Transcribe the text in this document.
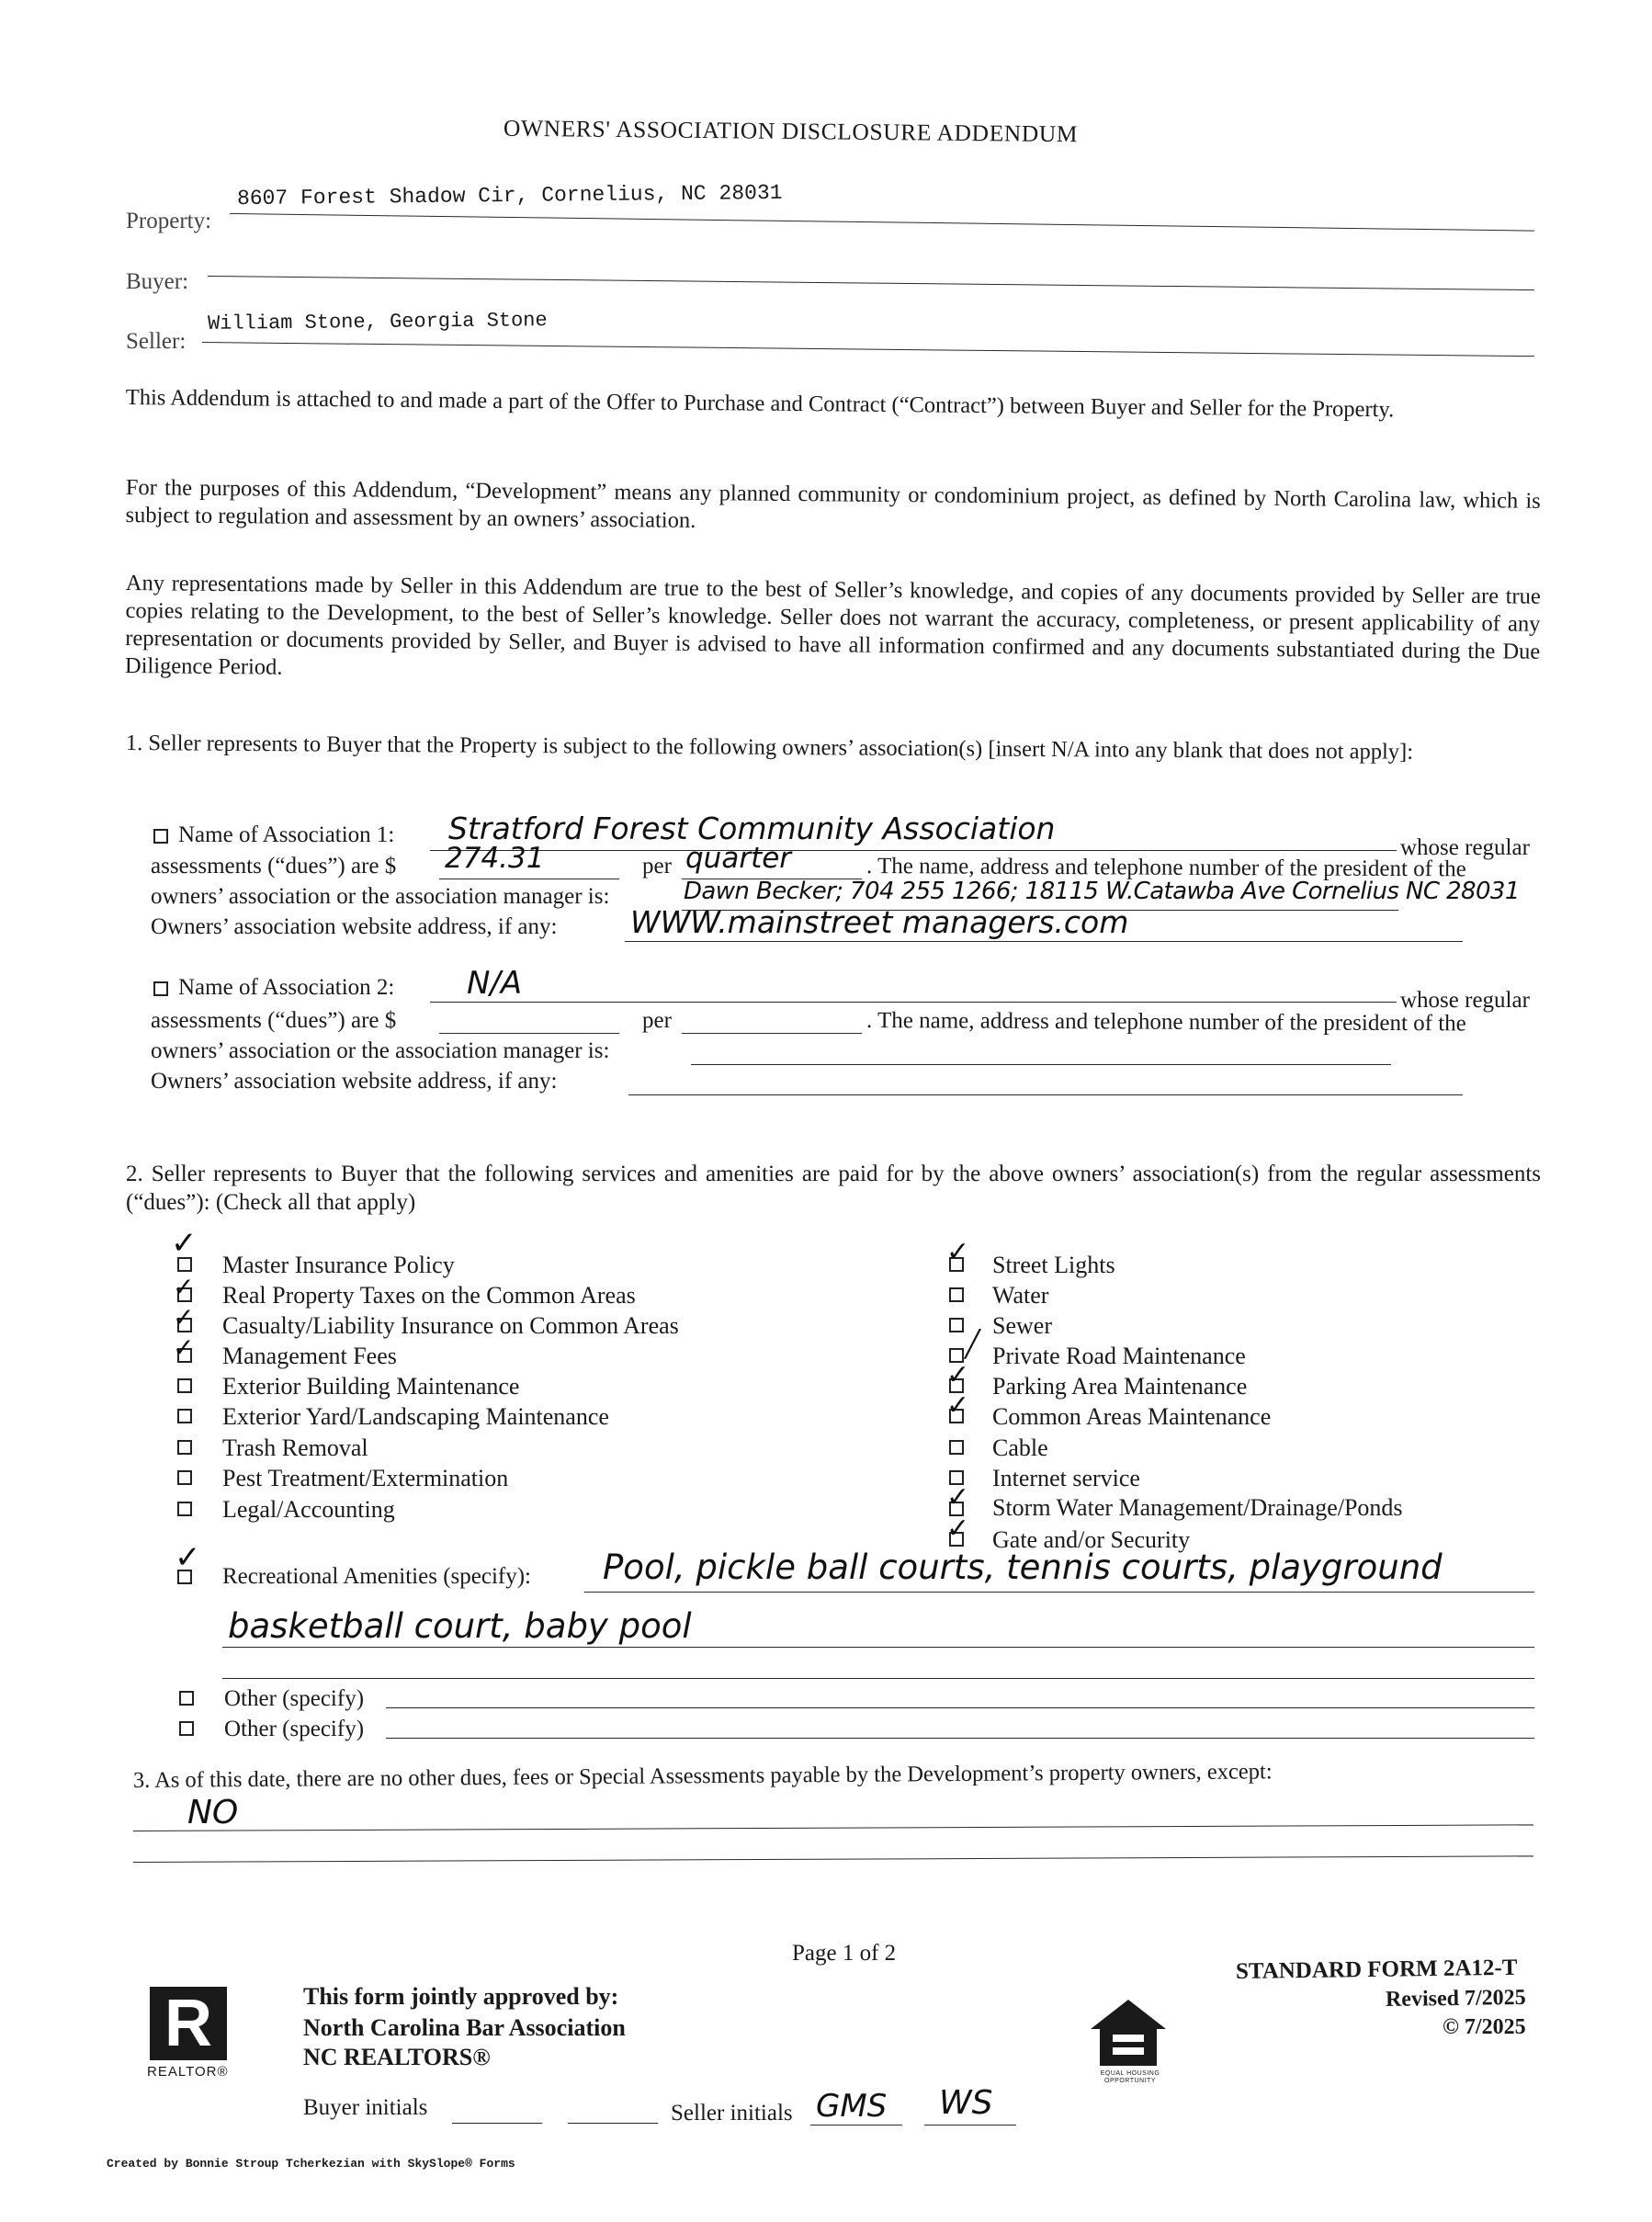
OWNERS' ASSOCIATION DISCLOSURE ADDENDUM
Property:
8607 Forest Shadow Cir, Cornelius, NC 28031
Buyer:
Seller:
William Stone, Georgia Stone
This Addendum is attached to and made a part of the Offer to Purchase and Contract (“Contract”) between Buyer and Seller for the Property.
For the purposes of this Addendum, “Development” means any planned community or condominium project, as defined by North Carolina law, which is subject to regulation and assessment by an owners’ association.
Any representations made by Seller in this Addendum are true to the best of Seller’s knowledge, and copies of any documents provided by Seller are true copies relating to the Development, to the best of Seller’s knowledge. Seller does not warrant the accuracy, completeness, or present applicability of any representation or documents provided by Seller, and Buyer is advised to have all information confirmed and any documents substantiated during the Due Diligence Period.
1. Seller represents to Buyer that the Property is subject to the following owners’ association(s) [insert N/A into any blank that does not apply]:
Name of Association 1: Stratford Forest Community Association
whose regular
assessments (“dues”) are $ 274.31	per quarter	. The name, address and telephone number of the president of the
owners’ association or the association manager is:	Dawn Becker; 704 255 1266; 18115 W.Catawba Ave Cornelius NC 28031
Owners’ association website address, if any: WWW.mainstreet managers.com
Name of Association 2: N/A	whose regular
assessments (“dues”) are $	per	. The name, address and telephone number of the president of the
owners’ association or the association manager is:
Owners’ association website address, if any:
2. Seller represents to Buyer that the following services and amenities are paid for by the above owners’ association(s) from the regular assessments (“dues”): (Check all that apply)
✓
Master Insurance Policy
✓ Real Property Taxes on the Common Areas
✓ Casualty/Liability Insurance on Common Areas
✓ Management Fees
Exterior Building Maintenance
Exterior Yard/Landscaping Maintenance
Trash Removal
Pest Treatment/Extermination
Legal/Accounting
✓ Street Lights
Water
Sewer
╱ Private Road Maintenance
✓ Parking Area Maintenance
✓ Common Areas Maintenance
Cable
Internet service
✓ Storm Water Management/Drainage/Ponds
✓ Gate and/or Security
✓
Recreational Amenities (specify): Pool, pickle ball courts, tennis courts, playground
basketball court, baby pool
Other (specify)
Other (specify)
3. As of this date, there are no other dues, fees or Special Assessments payable by the Development’s property owners, except:
NO
Page 1 of 2
R
REALTOR®
This form jointly approved by:
North Carolina Bar Association
NC REALTORS®
EQUAL HOUSING OPPORTUNITY
STANDARD FORM 2A12-T
Revised 7/2025
© 7/2025
Buyer initials	Seller initials GMS WS
Created by Bonnie Stroup Tcherkezian with SkySlope® Forms
